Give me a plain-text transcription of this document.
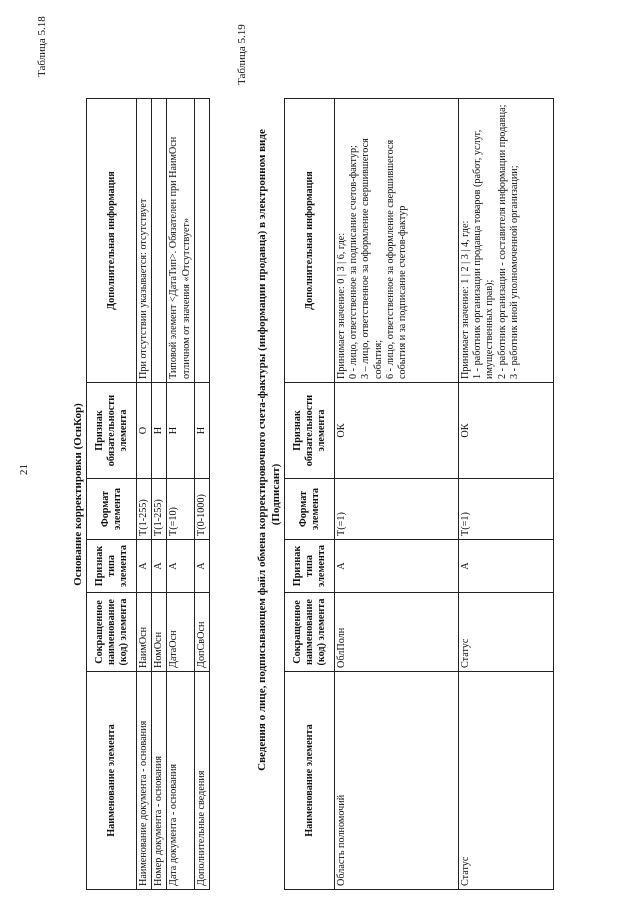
21
Таблица 5.18
Основание корректировки (ОснКор)
Наименование элемента	Сокращенное наименование (код) элемента	Признак типа элемента	Формат элемента	Признак обязательности элемента	Дополнительная информация
Наименование документа - основания	НаимОсн	А	T(1-255)	О	При отсутствии указывается: отсутствует
Номер документа - основания	НомОсн	А	T(1-255)	Н	
Дата документа - основания	ДатаОсн	А	T(=10)	Н	Типовой элемент <ДатаТип>. Обязателен при НаимОсн отличном от значения «Отсутствует»
Дополнительные сведения	ДопСвОсн	А	T(0-1000)	Н	
Таблица 5.19
Сведения о лице, подписывающем файл обмена корректировочного счета-фактуры (информации продавца) в электронном виде (Подписант)
Наименование элемента	Сокращенное наименование (код) элемента	Признак типа элемента	Формат элемента	Признак обязательности элемента	Дополнительная информация
Область полномочий	ОблПолн	А	T(=1)	ОК	Принимает значение: 0 | 3 | 6, где: 0 - лицо, ответственное за подписание счетов-фактур; 3 – лицо, ответственное за оформление свершившегося события; 6 - лицо, ответственное за оформление свершившегося события и за подписание счетов-фактур

Статус	Статус	А	T(=1)	ОК	Принимает значение: 1 | 2 | 3 | 4, где: 1 - работник организации продавца товаров (работ, услуг, имущественных прав); 2 - работник организации - составителя информации продавца; 3 - работник иной уполномоченной организации;
